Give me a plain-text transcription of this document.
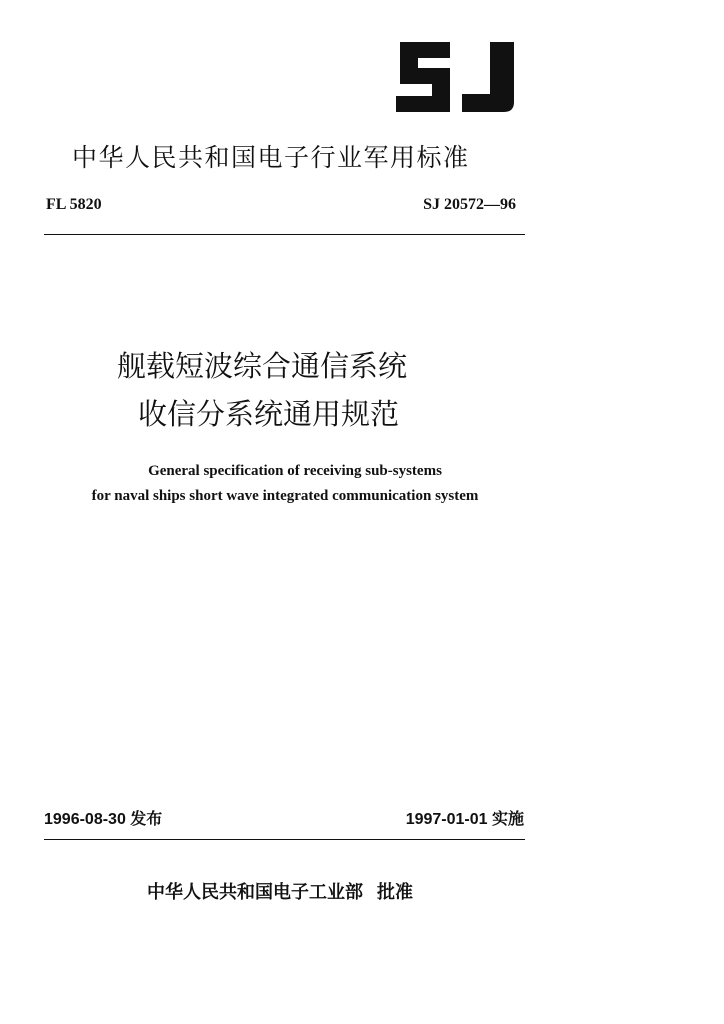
中华人民共和国电子行业军用标准
FL 5820	SJ 20572—96
舰载短波综合通信系统
收信分系统通用规范
General specification of receiving sub-systems
for naval ships short wave integrated communication system
1996-08-30 发布	1997-01-01 实施
中华人民共和国电子工业部 批准
